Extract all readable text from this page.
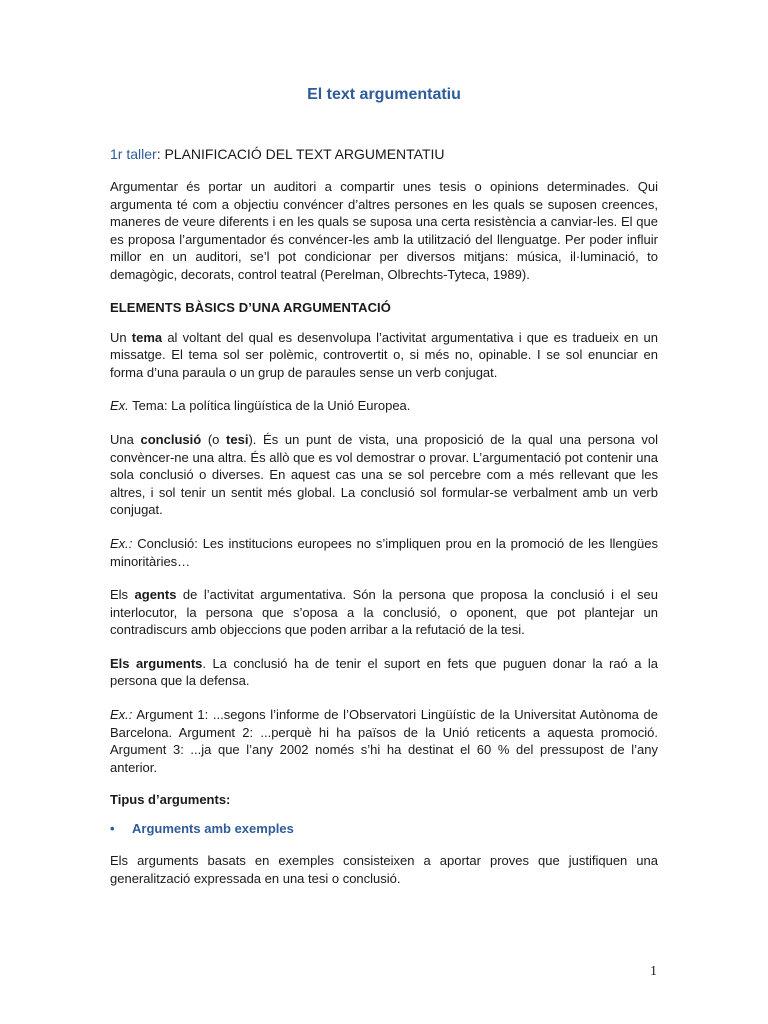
El text argumentatiu
1r taller: PLANIFICACIÓ DEL TEXT ARGUMENTATIU

Argumentar és portar un auditori a compartir unes tesis o opinions determinades. Qui argumenta té com a objectiu convéncer d’altres persones en les quals se suposen creences, maneres de veure diferents i en les quals se suposa una certa resistència a canviar-les. El que es proposa l’argumentador és convéncer-les amb la utilització del llenguatge. Per poder influir millor en un auditori, se’l pot condicionar per diversos mitjans: música, il·luminació, to demagògic, decorats, control teatral (Perelman, Olbrechts-Tyteca, 1989).

ELEMENTS BÀSICS D’UNA ARGUMENTACIÓ

Un tema al voltant del qual es desenvolupa l’activitat argumentativa i que es tradueix en un missatge. El tema sol ser polèmic, controvertit o, si més no, opinable. I se sol enunciar en forma d’una paraula o un grup de paraules sense un verb conjugat.

Ex. Tema: La política lingüística de la Unió Europea.

Una conclusió (o tesi). És un punt de vista, una proposició de la qual una persona vol convèncer-ne una altra. És allò que es vol demostrar o provar. L’argumentació pot contenir una sola conclusió o diverses. En aquest cas una se sol percebre com a més rellevant que les altres, i sol tenir un sentit més global. La conclusió sol formular-se verbalment amb un verb conjugat.

Ex.: Conclusió: Les institucions europees no s’impliquen prou en la promoció de les llengües minoritàries…

Els agents de l’activitat argumentativa. Són la persona que proposa la conclusió i el seu interlocutor, la persona que s’oposa a la conclusió, o oponent, que pot plantejar un contradiscurs amb objeccions que poden arribar a la refutació de la tesi.

Els arguments. La conclusió ha de tenir el suport en fets que puguen donar la raó a la persona que la defensa.

Ex.: Argument 1: ...segons l’informe de l’Observatori Lingüístic de la Universitat Autònoma de Barcelona. Argument 2: ...perquè hi ha països de la Unió reticents a aquesta promoció. Argument 3: ...ja que l’any 2002 només s’hi ha destinat el 60 % del pressupost de l’any anterior.

Tipus d’arguments:
•	Arguments amb exemples

Els arguments basats en exemples consisteixen a aportar proves que justifiquen una generalització expressada en una tesi o conclusió.

1
